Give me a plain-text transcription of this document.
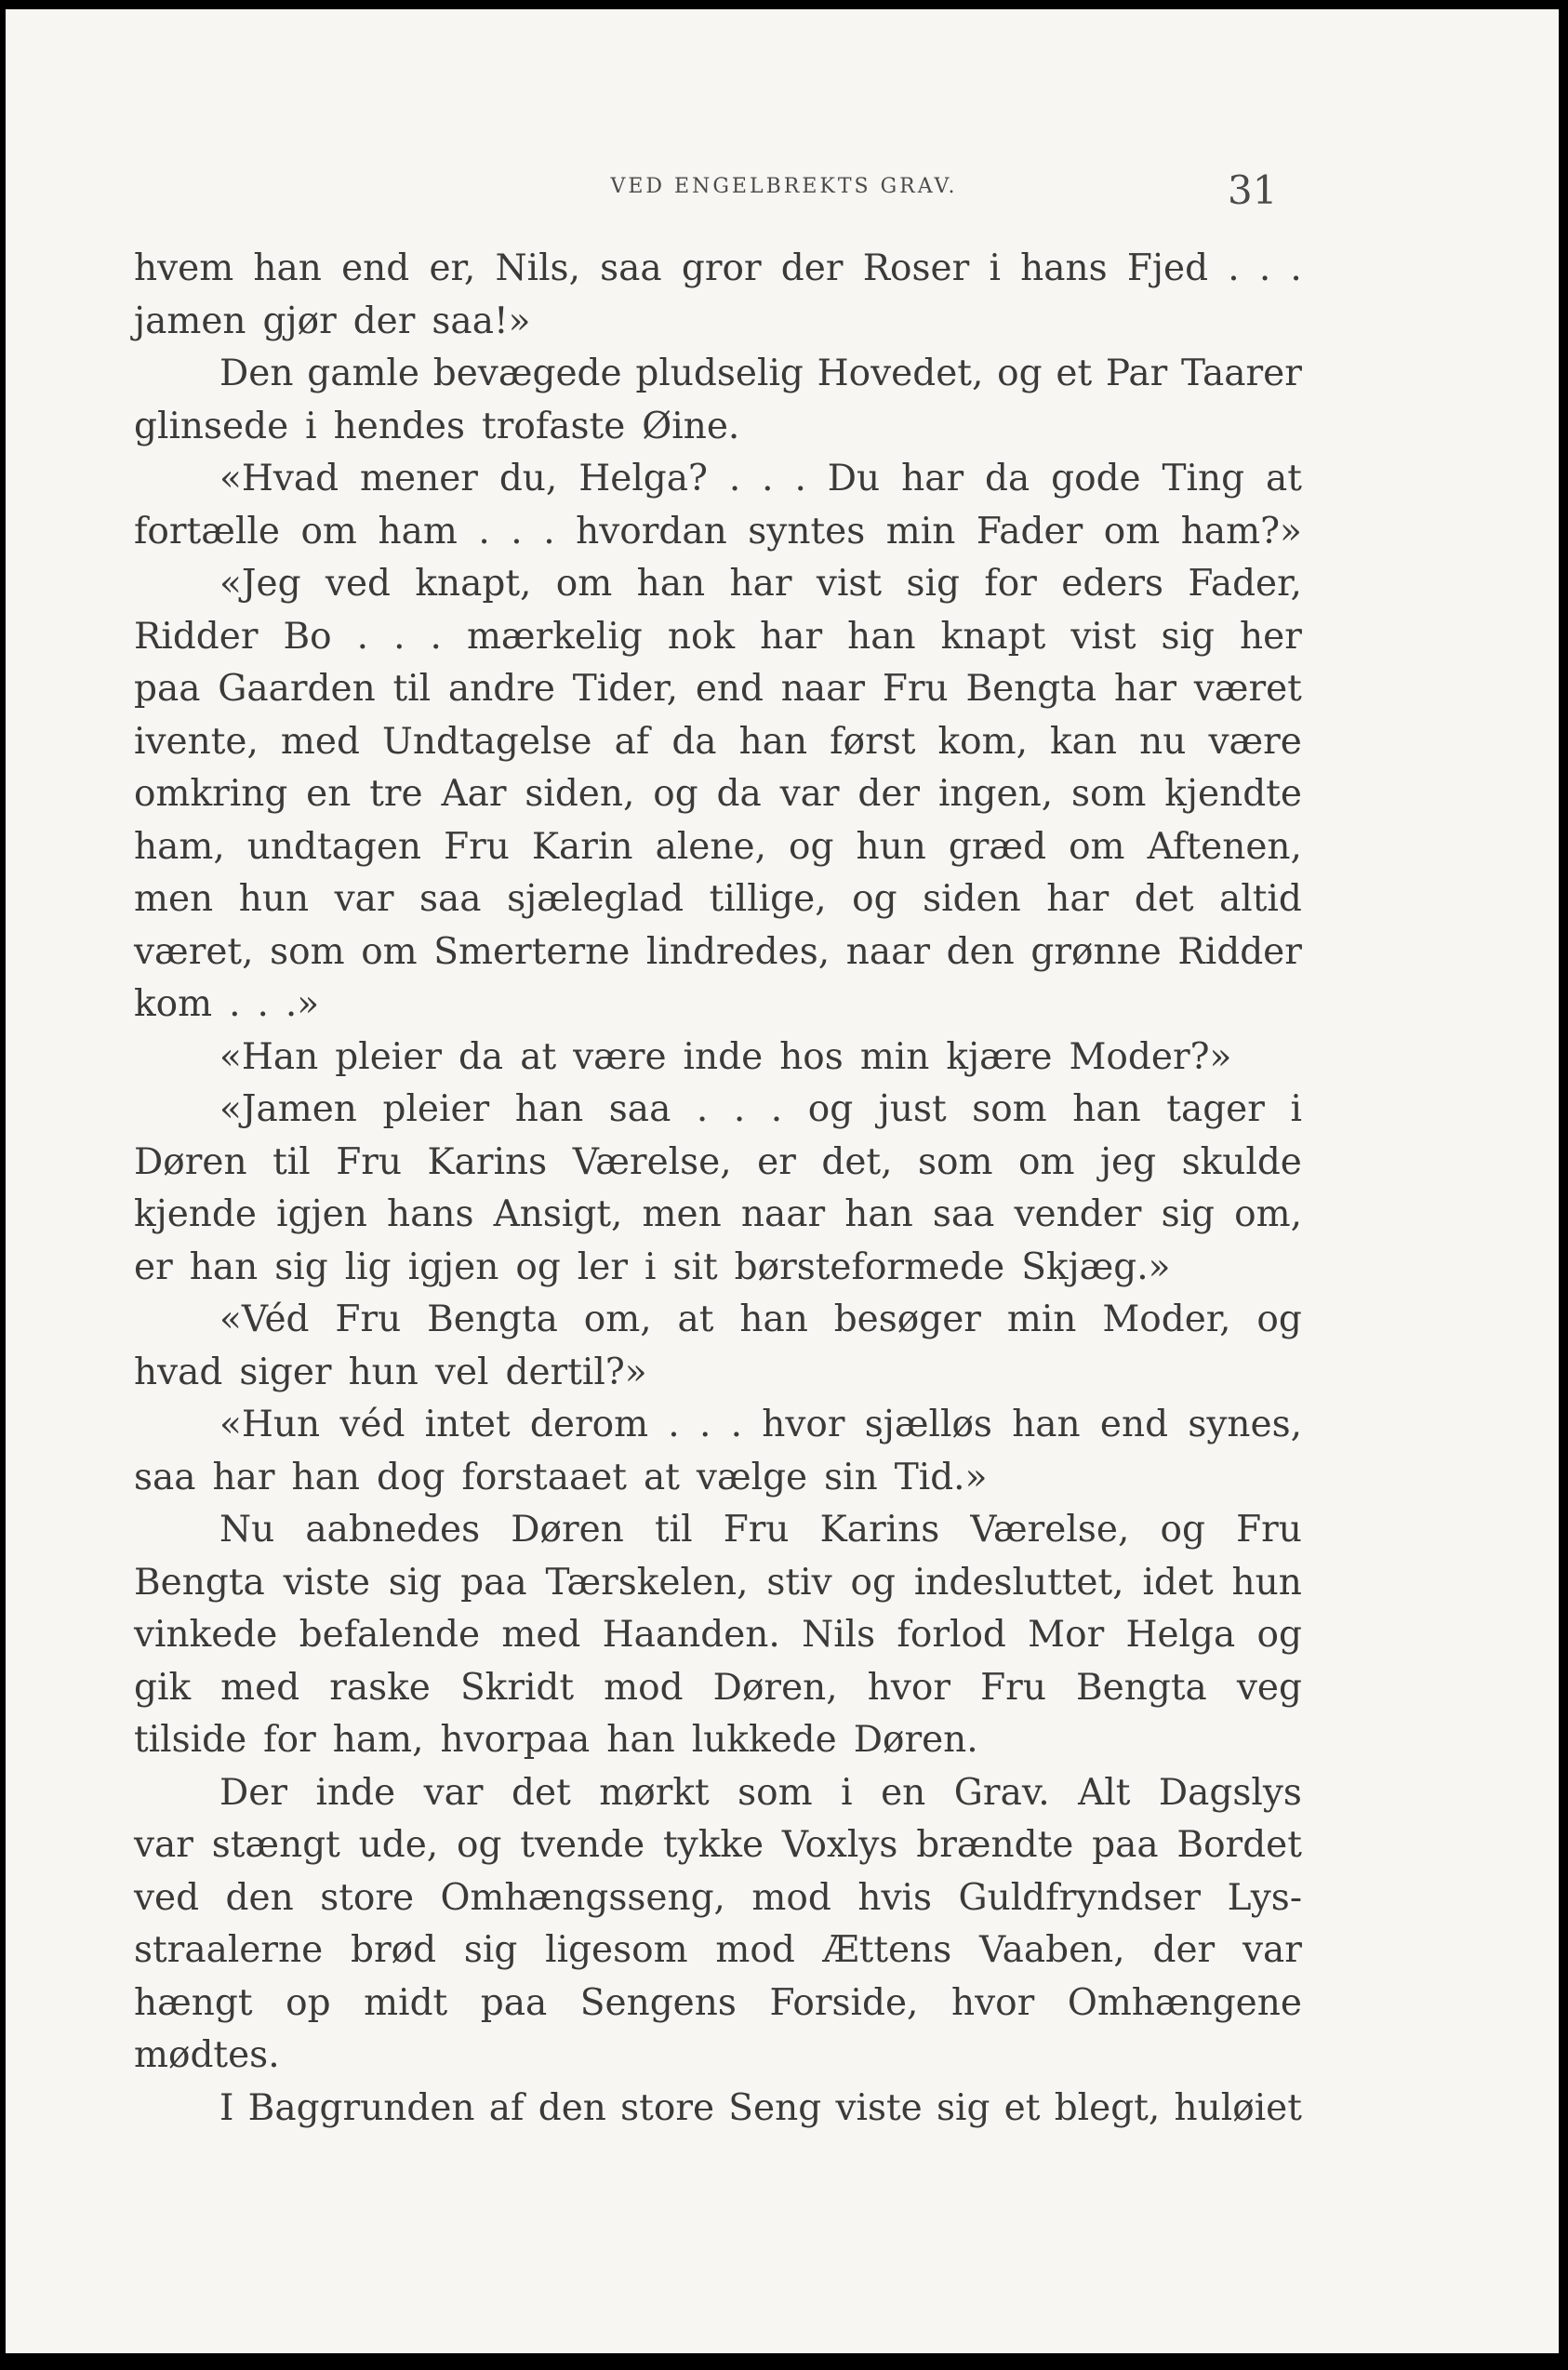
VED ENGELBREKTS GRAV.	31
hvem han end er, Nils, saa gror der Roser i hans Fjed . . .
jamen gjør der saa!»
Den gamle bevægede pludselig Hovedet, og et Par Taarer
glinsede i hendes trofaste Øine.
«Hvad mener du, Helga? . . . Du har da gode Ting at
fortælle om ham . . . hvordan syntes min Fader om ham?»
«Jeg ved knapt, om han har vist sig for eders Fader,
Ridder Bo . . . mærkelig nok har han knapt vist sig her
paa Gaarden til andre Tider, end naar Fru Bengta har været
ivente, med Undtagelse af da han først kom, kan nu være
omkring en tre Aar siden, og da var der ingen, som kjendte
ham, undtagen Fru Karin alene, og hun græd om Aftenen,
men hun var saa sjæleglad tillige, og siden har det altid
været, som om Smerterne lindredes, naar den grønne Ridder
kom . . .»
«Han pleier da at være inde hos min kjære Moder?»
«Jamen pleier han saa . . . og just som han tager i
Døren til Fru Karins Værelse, er det, som om jeg skulde
kjende igjen hans Ansigt, men naar han saa vender sig om,
er han sig lig igjen og ler i sit børsteformede Skjæg.»
«Véd Fru Bengta om, at han besøger min Moder, og
hvad siger hun vel dertil?»
«Hun véd intet derom . . . hvor sjælløs han end synes,
saa har han dog forstaaet at vælge sin Tid.»
Nu aabnedes Døren til Fru Karins Værelse, og Fru
Bengta viste sig paa Tærskelen, stiv og indesluttet, idet hun
vinkede befalende med Haanden. Nils forlod Mor Helga og
gik med raske Skridt mod Døren, hvor Fru Bengta veg
tilside for ham, hvorpaa han lukkede Døren.
Der inde var det mørkt som i en Grav. Alt Dagslys
var stængt ude, og tvende tykke Voxlys brændte paa Bordet
ved den store Omhængsseng, mod hvis Guldfryndser Lys-
straalerne brød sig ligesom mod Ættens Vaaben, der var
hængt op midt paa Sengens Forside, hvor Omhængene
mødtes.
I Baggrunden af den store Seng viste sig et blegt, huløiet
